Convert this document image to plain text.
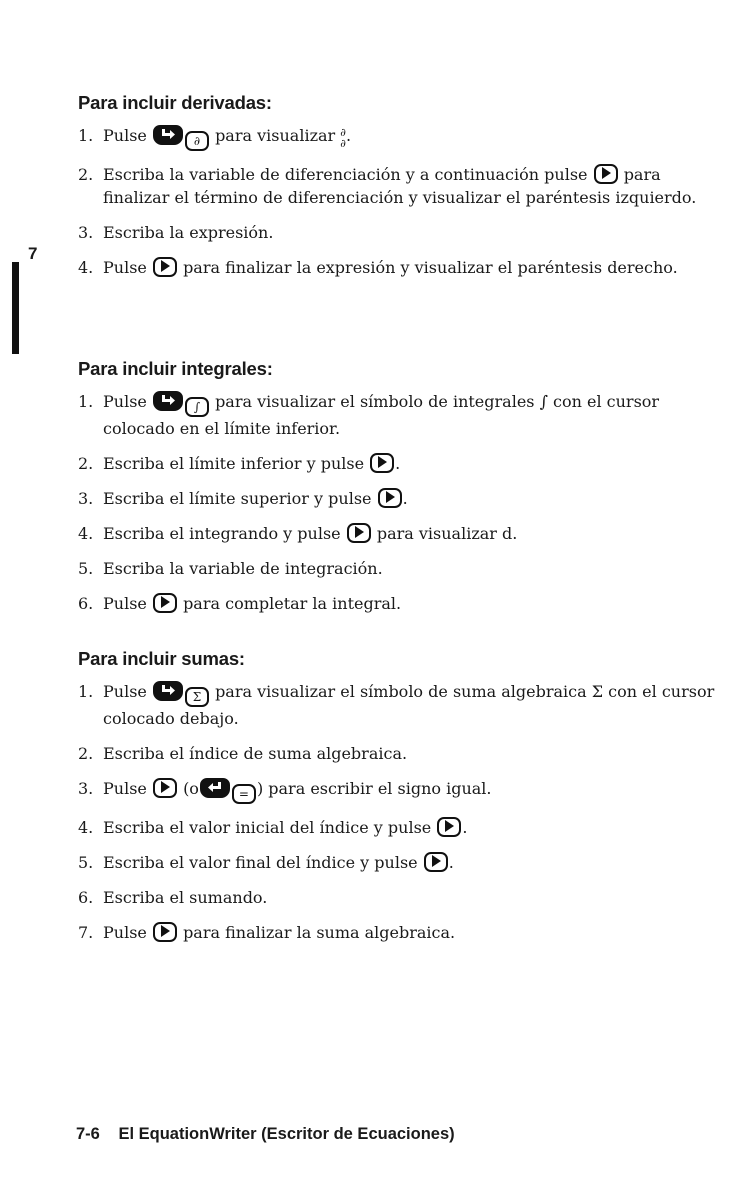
7
Para incluir derivadas:
1. Pulse	∂ para visualizar ∂
∂ .
2. Escriba la variable de diferenciación y a continuación pulse para finalizar el término de diferenciación y visualizar el paréntesis izquierdo.
3. Escriba la expresión.
4. Pulse para finalizar la expresión y visualizar el paréntesis derecho.
Para incluir integrales:
1. Pulse	∫ para visualizar el símbolo de integrales ∫ con el cursor colocado en el límite inferior.
2. Escriba el límite inferior y pulse .
3. Escriba el límite superior y pulse .
4. Escriba el integrando y pulse para visualizar d.
5. Escriba la variable de integración.
6. Pulse para completar la integral.
Para incluir sumas:
1. Pulse	Σ para visualizar el símbolo de suma algebraica Σ con el cursor colocado debajo.
2. Escriba el índice de suma algebraica.
3. Pulse (o	= ) para escribir el signo igual.
4. Escriba el valor inicial del índice y pulse .
5. Escriba el valor final del índice y pulse .
6. Escriba el sumando.
7. Pulse para finalizar la suma algebraica.
7-6 El EquationWriter (Escritor de Ecuaciones)
